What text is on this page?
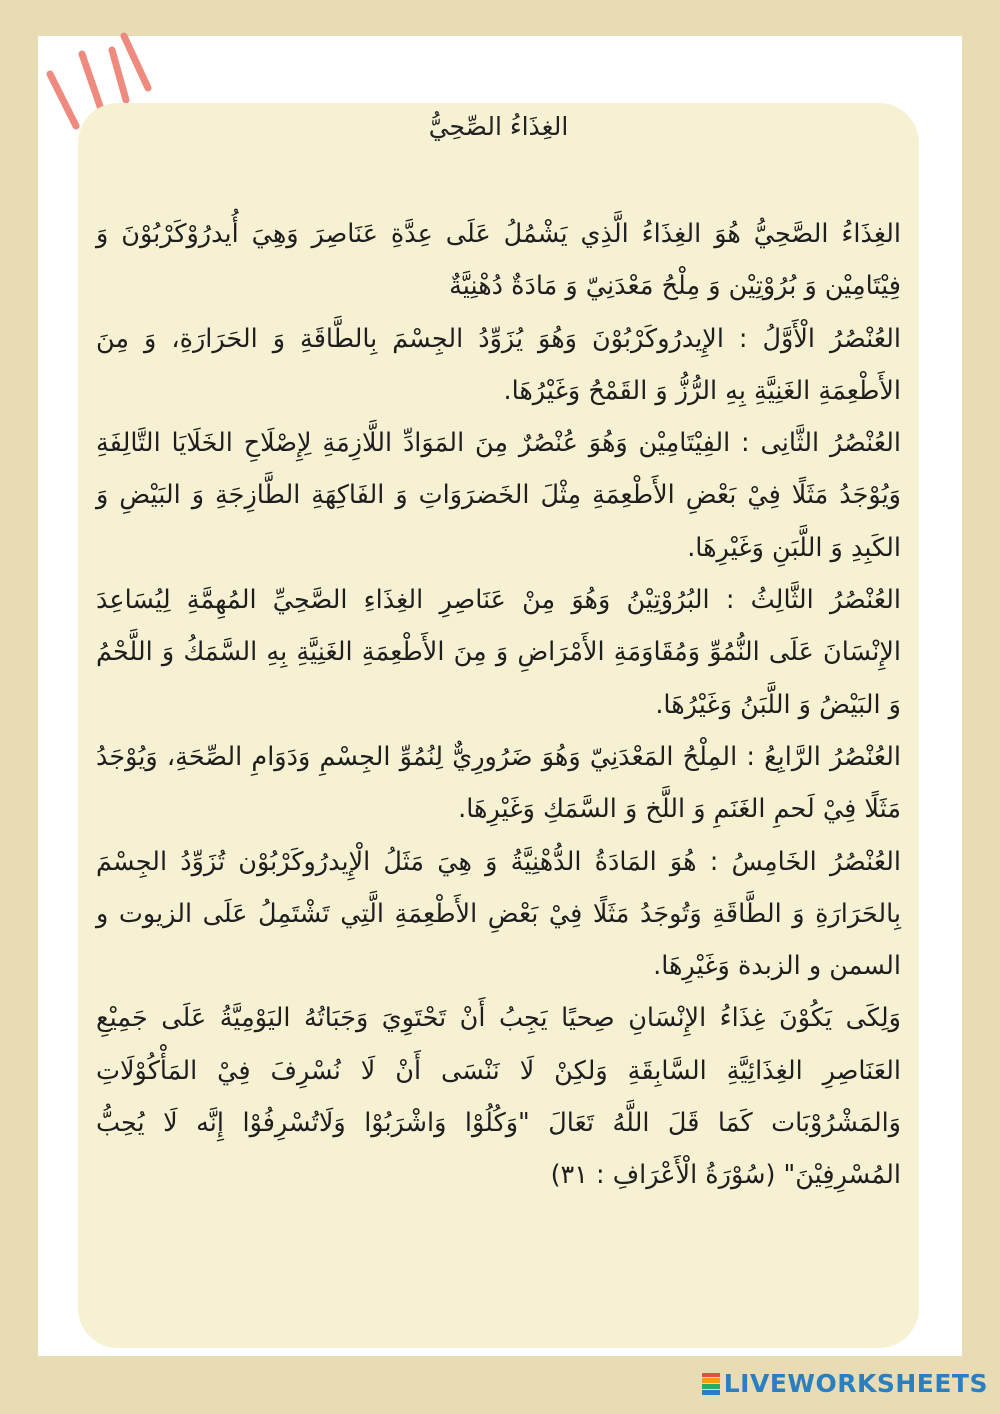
الغِذَاءُ الصِّحِيُّ

الغِذَاءُ الصَّحِيُّ هُوَ الغِذَاءُ الَّذِي يَشْمُلُ عَلَى عِدَّةِ عَنَاصِرَ وَهِيَ أُيدرُوْكَرْبُوْنَ وَ فِيْتَامِيْن وَ بُرُوْتِيْن وَ مِلْحُ مَعْدَنِيّ وَ مَادَةٌ دُهْنِيَّةٌ

العُنْصُرُ الْأَوَّلُ : الإِيدرُوكَرْبُوْنَ وَهُوَ يُزَوِّدُ الجِسْمَ بِالطَّاقَةِ وَ الحَرَارَةِ، وَ مِنَ الأَطْعِمَةِ الغَنِيَّةِ بِهِ الرُّزُّ وَ القَمْحُ وَغَيْرُهَا.

العُنْصُرُ الثَّانِى : الفِيْتَامِيْن وَهُوَ عُنْصُرٌ مِنَ المَوَادِّ اللَّازِمَةِ لِإِصْلَاحِ الخَلَايَا التَّالِفَةِ وَيُوْجَدُ مَثَلًا فِيْ بَعْضِ الأَطْعِمَةِ مِثْلَ الخَضرَوَاتِ وَ الفَاكِهَةِ الطَّازِجَةِ وَ البَيْضِ وَ الكَبِدِ وَ اللَّبَنِ وَغَيْرِهَا.

العُنْصُرُ الثَّالِثُ : البُرُوْتِيْنُ وَهُوَ مِنْ عَنَاصِرِ الغِذَاءِ الصَّحِيِّ المُهِمَّةِ لِيُسَاعِدَ الإِنْسَانَ عَلَى النُّمُوِّ وَمُقَاوَمَةِ الأَمْرَاضِ وَ مِنَ الأَطْعِمَةِ الغَنِيَّةِ بِهِ السَّمَكُ وَ اللَّحْمُ وَ البَيْضُ وَ اللَّبَنُ وَغَيْرُهَا.

العُنْصُرُ الرَّابِعُ : المِلْحُ المَعْدَنِيّ وَهُوَ ضَرُورِيٌّ لِنُمُوِّ الجِسْمِ وَدَوَامِ الصِّحَةِ، وَيُوْجَدُ مَثَلًا فِيْ لَحمِ الغَنَمِ وَ اللَّخ وَ السَّمَكِ وَغَيْرِهَا.

العُنْصُرُ الخَامِسُ : هُوَ المَادَةُ الدُّهْنِيَّةُ وَ هِيَ مَثَلُ الْإِيدرُوكَرْبُوْن تُزَوِّدُ الجِسْمَ بِالحَرَارَةِ وَ الطَّاقَةِ وَتُوجَدُ مَثَلًا فِيْ بَعْضِ الأَطْعِمَةِ الَّتِي تَشْتَمِلُ عَلَى الزيوت و السمن و الزبدة وَغَيْرِهَا.

وَلِكَى يَكُوْنَ غِذَاءُ الإِنْسَانِ صِحيًا يَجِبُ أَنْ تَحْتَوِيَ وَجَبَاتُهُ اليَوْمِيَّةُ عَلَى جَمِيْعِ العَنَاصِرِ الغِذَائِيَّةِ السَّابِقَةِ وَلكِنْ لَا نَنْسَى أَنْ لَا نُسْرِفَ فِيْ المَأْكُوْلَاتِ وَالمَشْرُوْبَات كَمَا قَلَ اللَّهُ تَعَالَ "وَكُلُوْا وَاشْرَبُوْا وَلَاتُسْرِفُوْا إِنَّه لَا يُحِبُّ المُسْرِفِيْنَ" (سُوْرَةُ الْأَعْرَافِ : ٣١)

LIVEWORKSHEETS
